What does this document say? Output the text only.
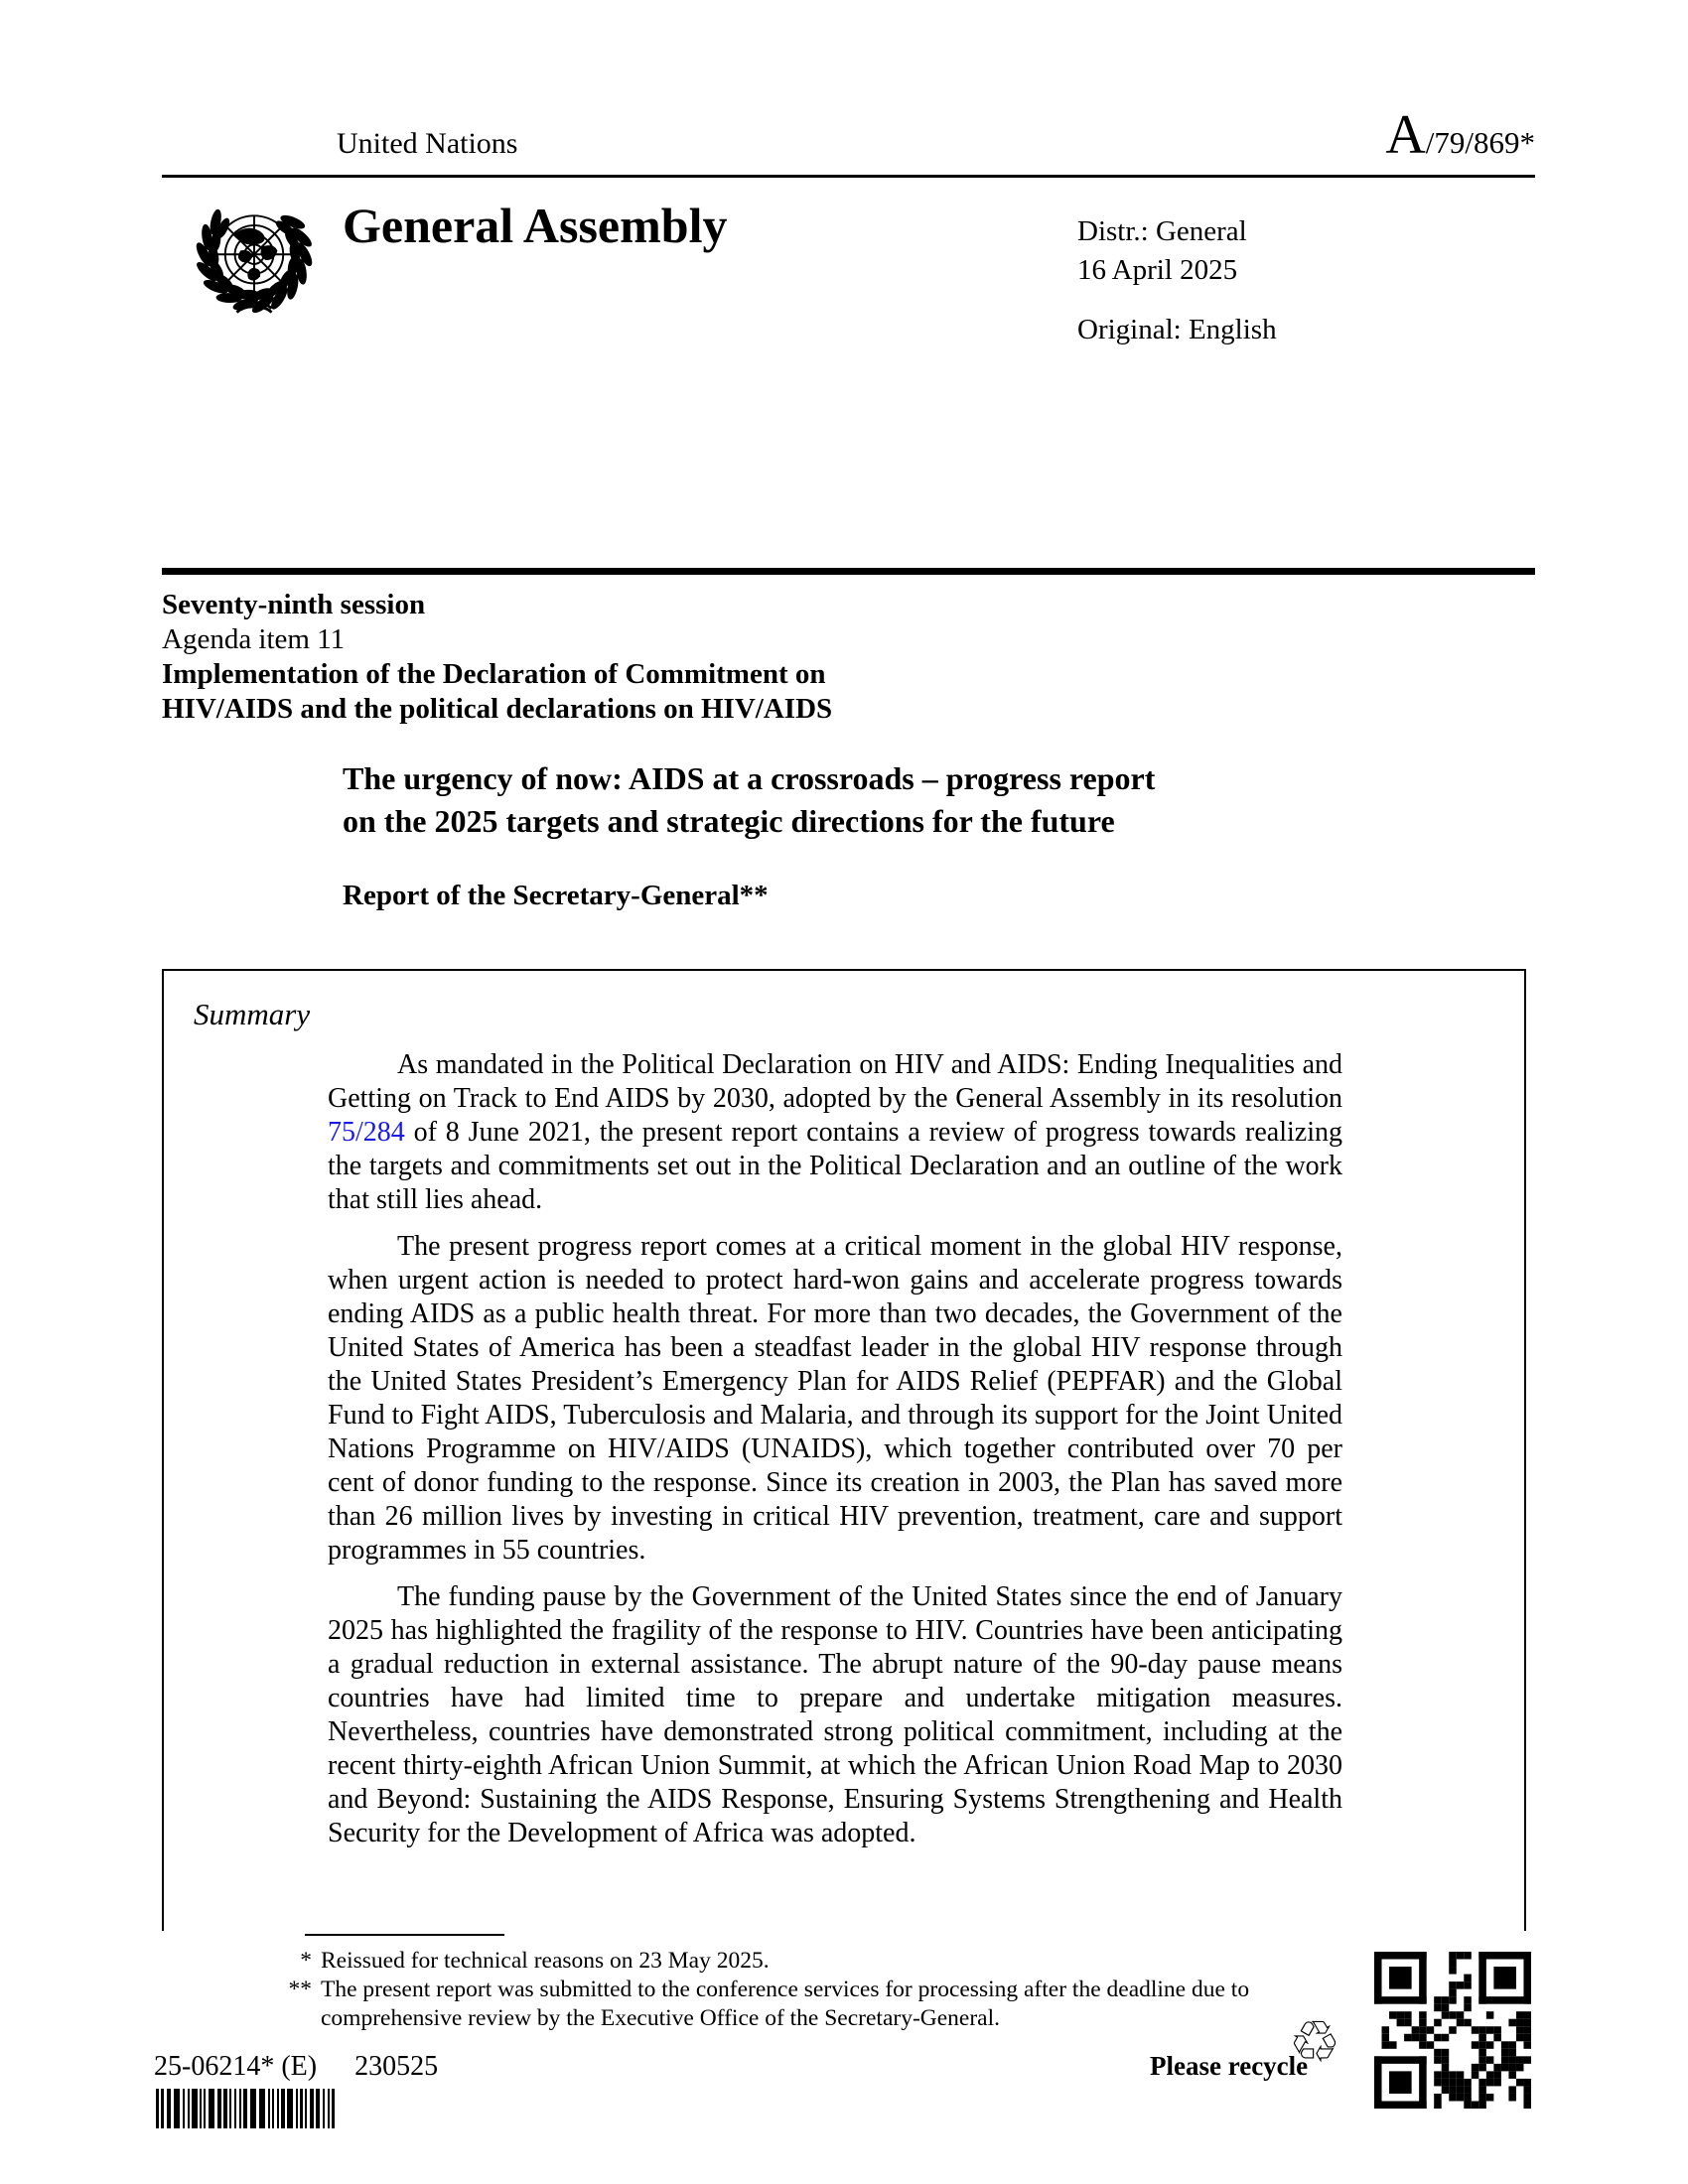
United Nations	A/79/869*
General Assembly	Distr.: General
16 April 2025
Original: English
Seventy-ninth session
Agenda item 11
Implementation of the Declaration of Commitment on
HIV/AIDS and the political declarations on HIV/AIDS
The urgency of now: AIDS at a crossroads – progress report
on the 2025 targets and strategic directions for the future
Report of the Secretary-General**
Summary

As mandated in the Political Declaration on HIV and AIDS: Ending Inequalities and Getting on Track to End AIDS by 2030, adopted by the General Assembly in its resolution 75/284 of 8 June 2021, the present report contains a review of progress towards realizing the targets and commitments set out in the Political Declaration and an outline of the work that still lies ahead.

The present progress report comes at a critical moment in the global HIV response, when urgent action is needed to protect hard-won gains and accelerate progress towards ending AIDS as a public health threat. For more than two decades, the Government of the United States of America has been a steadfast leader in the global HIV response through the United States President’s Emergency Plan for AIDS Relief (PEPFAR) and the Global Fund to Fight AIDS, Tuberculosis and Malaria, and through its support for the Joint United Nations Programme on HIV/AIDS (UNAIDS), which together contributed over 70 per cent of donor funding to the response. Since its creation in 2003, the Plan has saved more than 26 million lives by investing in critical HIV prevention, treatment, care and support programmes in 55 countries.

The funding pause by the Government of the United States since the end of January 2025 has highlighted the fragility of the response to HIV. Countries have been anticipating a gradual reduction in external assistance. The abrupt nature of the 90-day pause means countries have had limited time to prepare and undertake mitigation measures. Nevertheless, countries have demonstrated strong political commitment, including at the recent thirty-eighth African Union Summit, at which the African Union Road Map to 2030 and Beyond: Sustaining the AIDS Response, Ensuring Systems Strengthening and Health Security for the Development of Africa was adopted.

* Reissued for technical reasons on 23 May 2025.
** The present report was submitted to the conference services for processing after the deadline due to comprehensive review by the Executive Office of the Secretary-General.
25-06214* (E) 230525	Please recycle
♲
